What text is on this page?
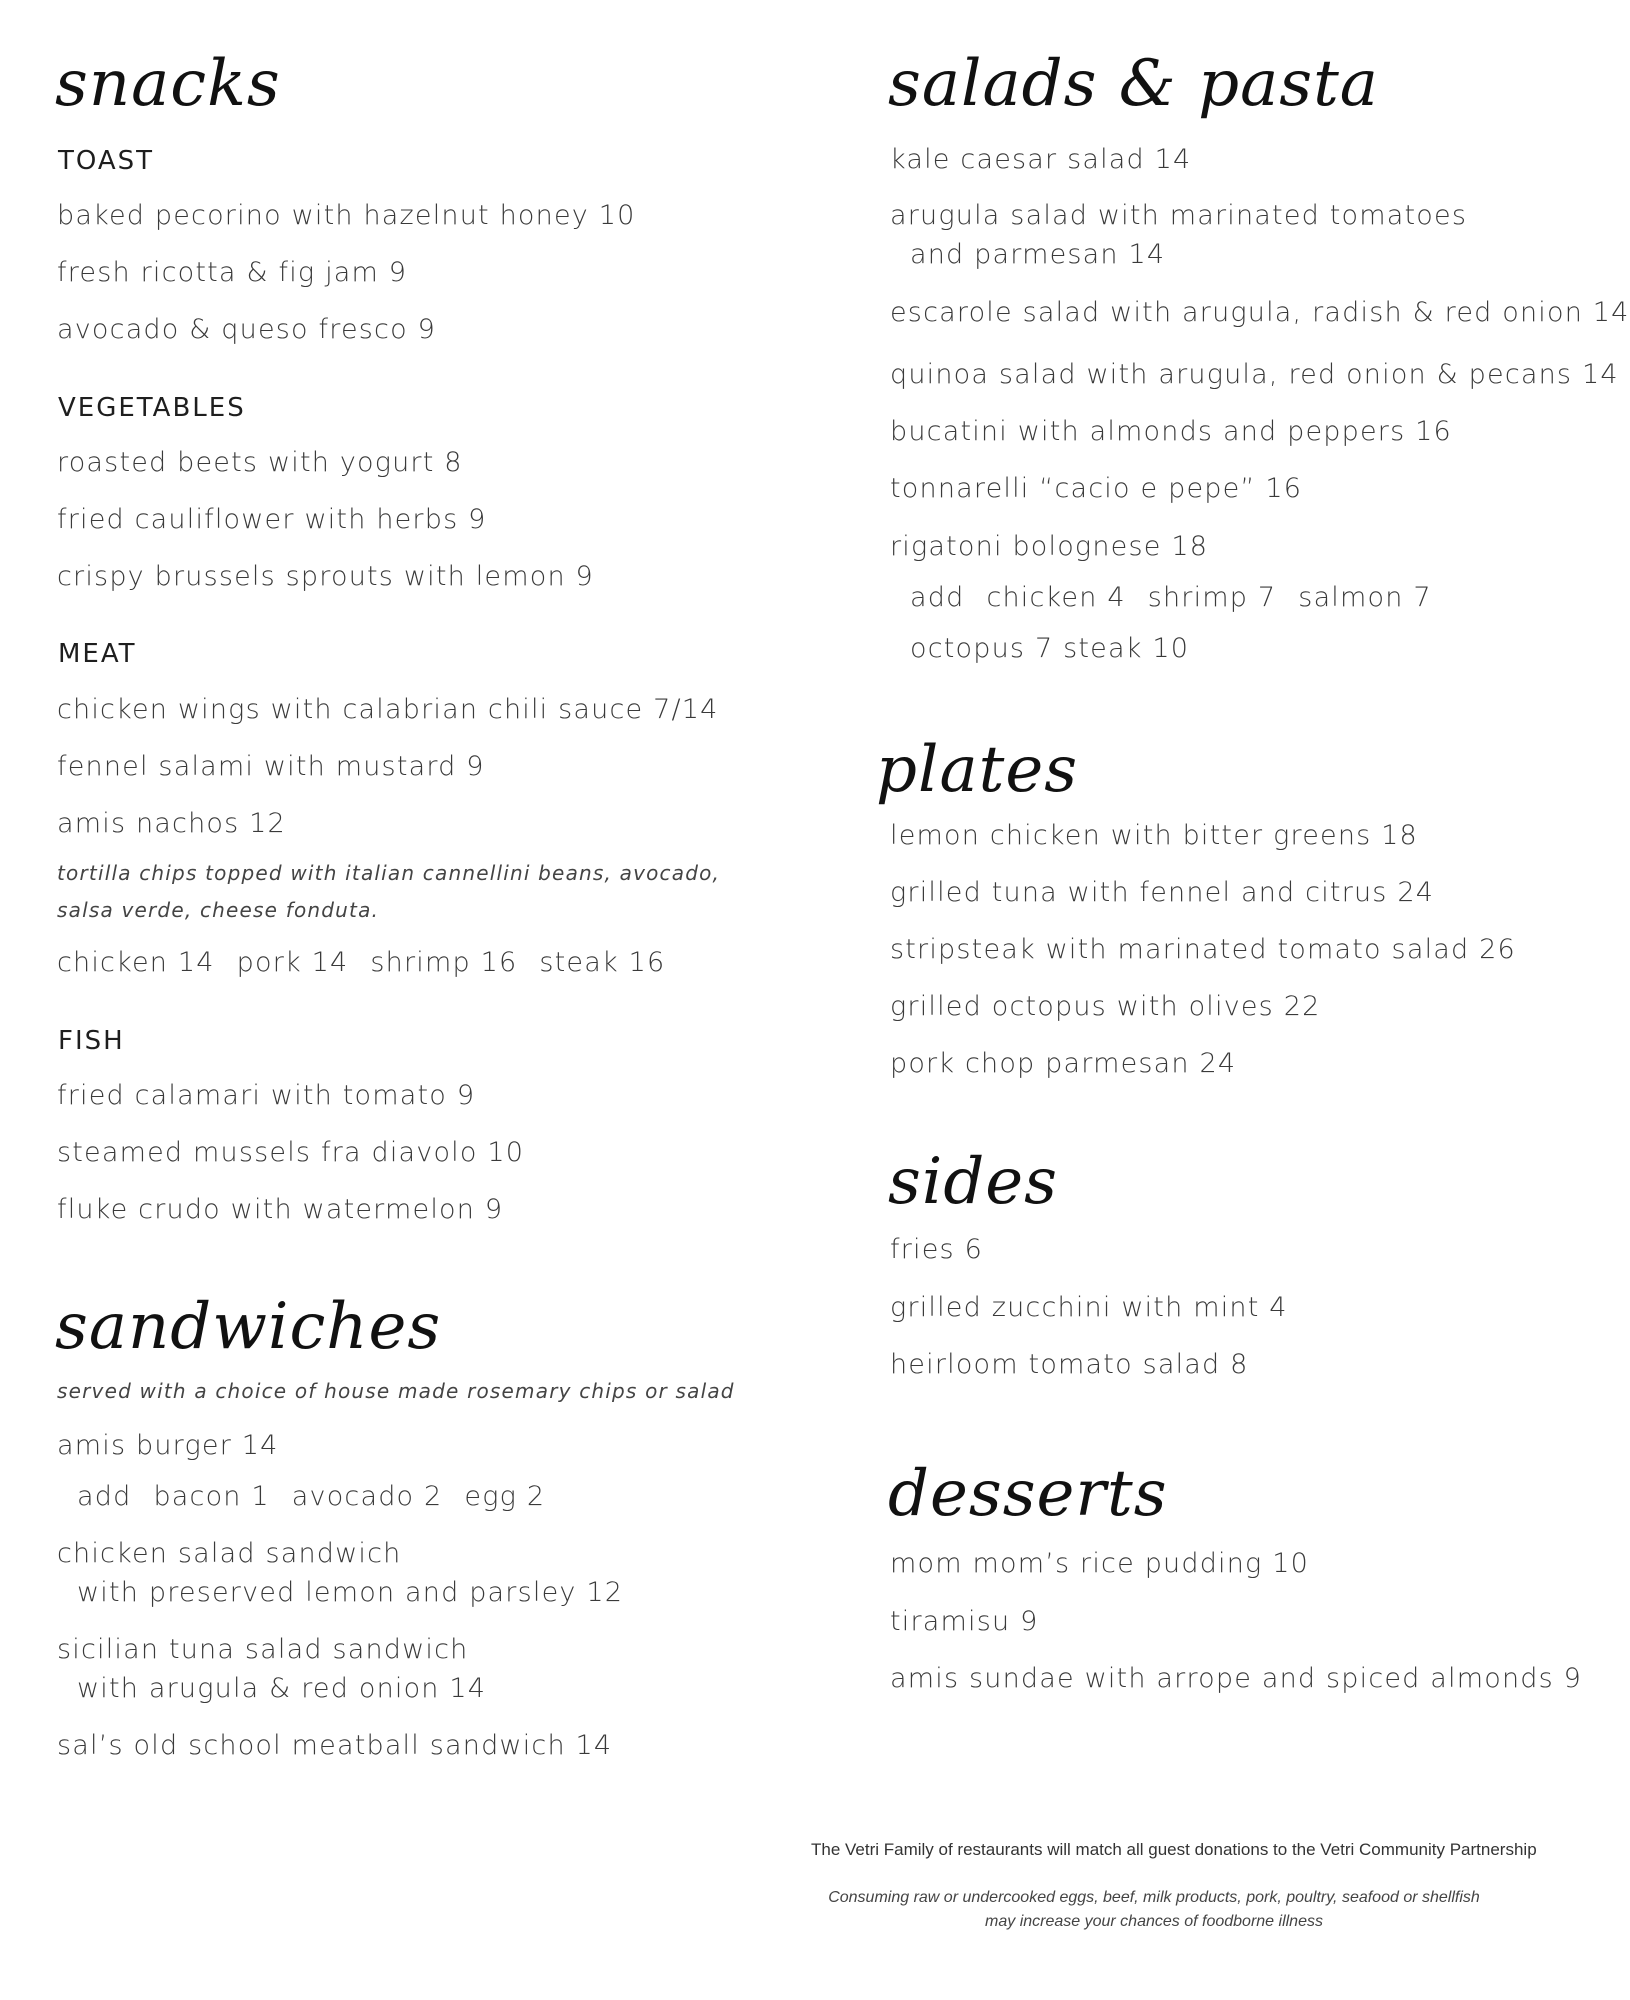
snacks
TOAST
baked pecorino with hazelnut honey 10
fresh ricotta & fig jam 9
avocado & queso fresco 9
VEGETABLES
roasted beets with yogurt 8
fried cauliflower with herbs 9
crispy brussels sprouts with lemon 9
MEAT
chicken wings with calabrian chili sauce 7/14
fennel salami with mustard 9
amis nachos 12
tortilla chips topped with italian cannellini beans, avocado,
salsa verde, cheese fonduta.
chicken 14 pork 14 shrimp 16 steak 16
FISH
fried calamari with tomato 9
steamed mussels fra diavolo 10
fluke crudo with watermelon 9
sandwiches
served with a choice of house made rosemary chips or salad
amis burger 14
add bacon 1 avocado 2 egg 2
chicken salad sandwich
with preserved lemon and parsley 12
sicilian tuna salad sandwich
with arugula & red onion 14
sal’s old school meatball sandwich 14
salads & pasta
kale caesar salad 14
arugula salad with marinated tomatoes
and parmesan 14
escarole salad with arugula, radish & red onion 14
quinoa salad with arugula, red onion & pecans 14
bucatini with almonds and peppers 16
tonnarelli “cacio e pepe” 16
rigatoni bolognese 18
add chicken 4 shrimp 7 salmon 7
octopus 7 steak 10
plates
lemon chicken with bitter greens 18
grilled tuna with fennel and citrus 24
stripsteak with marinated tomato salad 26
grilled octopus with olives 22
pork chop parmesan 24
sides
fries 6
grilled zucchini with mint 4
heirloom tomato salad 8
desserts
mom mom’s rice pudding 10
tiramisu 9
amis sundae with arrope and spiced almonds 9
The Vetri Family of restaurants will match all guest donations to the Vetri Community Partnership
Consuming raw or undercooked eggs, beef, milk products, pork, poultry, seafood or shellfish
may increase your chances of foodborne illness
